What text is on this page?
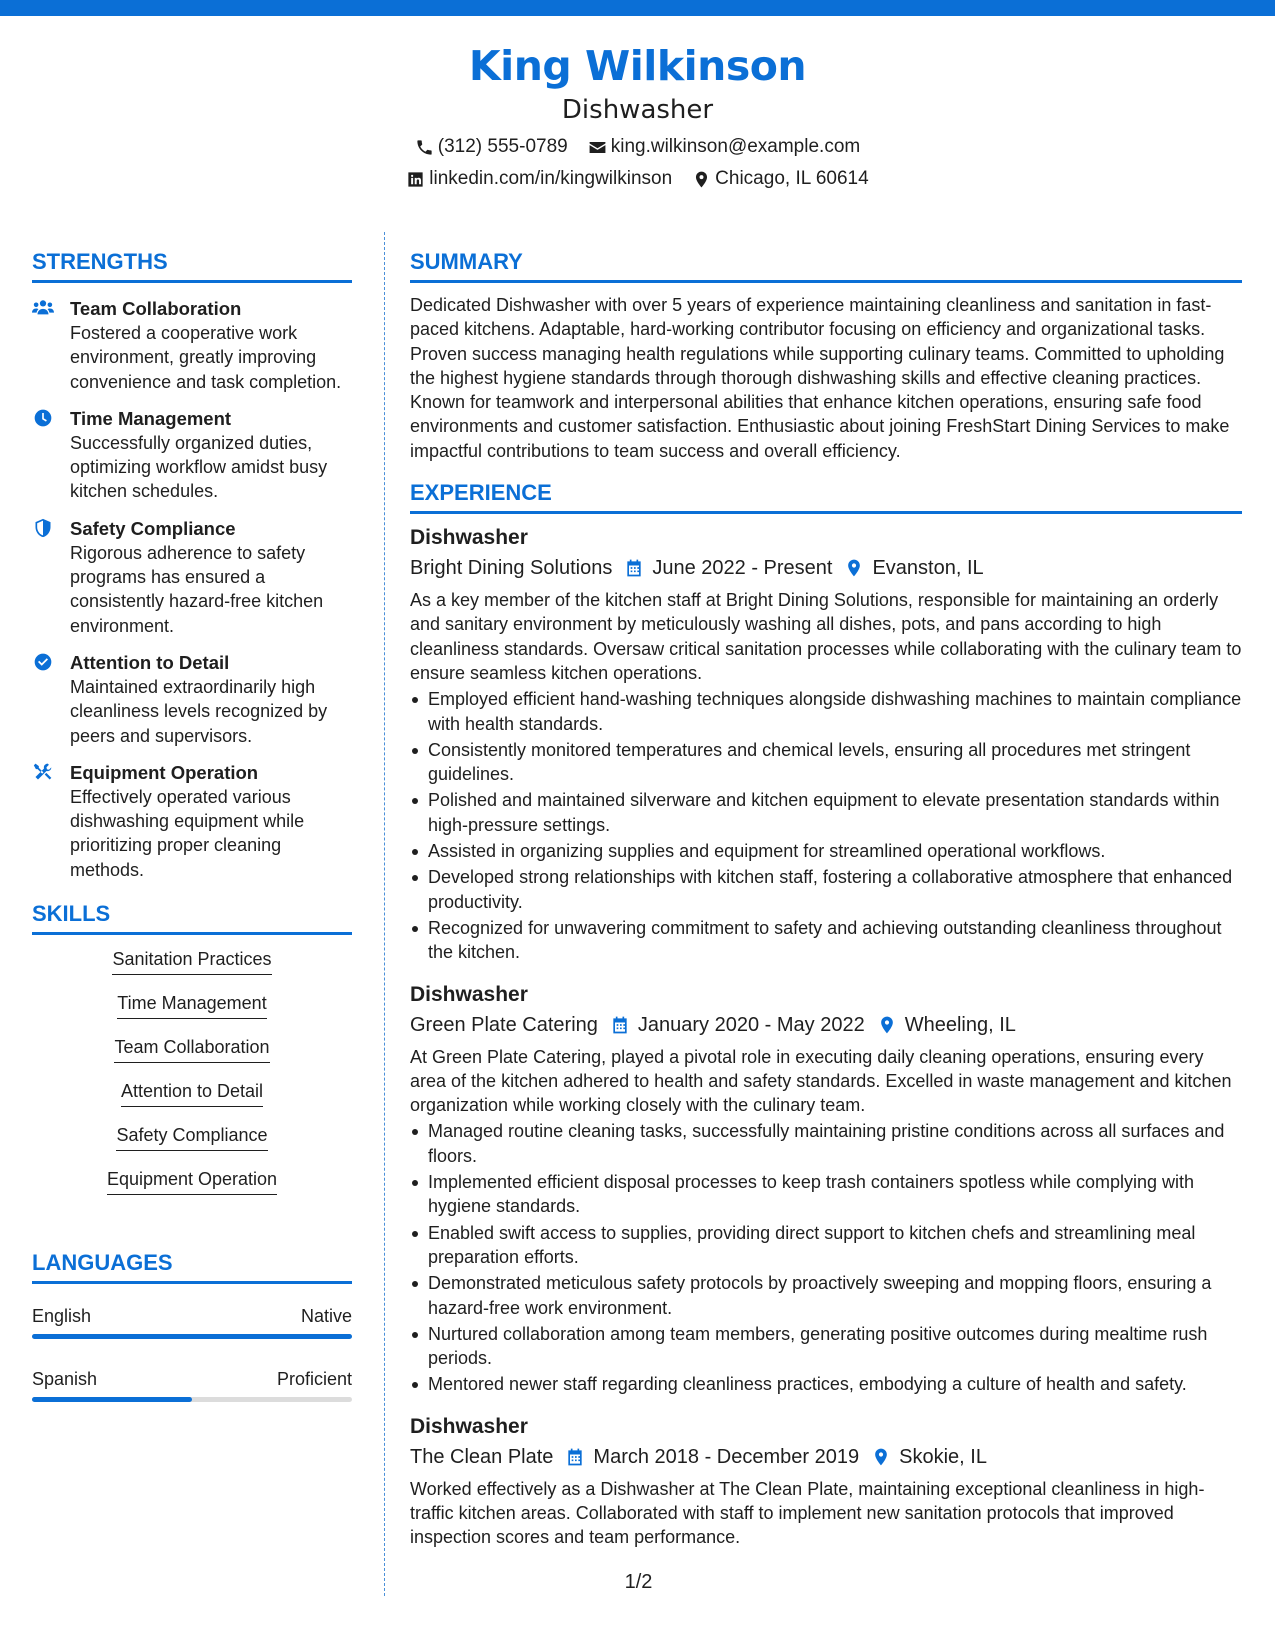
King Wilkinson
Dishwasher
(312) 555-0789 king.wilkinson@example.com
linkedin.com/in/kingwilkinson Chicago, IL 60614
STRENGTHS
Team Collaboration
Fostered a cooperative work environment, greatly improving convenience and task completion.
Time Management
Successfully organized duties, optimizing workflow amidst busy kitchen schedules.
Safety Compliance
Rigorous adherence to safety programs has ensured a consistently hazard-free kitchen environment.
Attention to Detail
Maintained extraordinarily high cleanliness levels recognized by peers and supervisors.
Equipment Operation
Effectively operated various dishwashing equipment while prioritizing proper cleaning methods.
SKILLS
Sanitation Practices
Time Management
Team Collaboration
Attention to Detail
Safety Compliance
Equipment Operation
LANGUAGES
English	Native
Spanish	Proficient
SUMMARY
Dedicated Dishwasher with over 5 years of experience maintaining cleanliness and sanitation in fast-paced kitchens. Adaptable, hard-working contributor focusing on efficiency and organizational tasks. Proven success managing health regulations while supporting culinary teams. Committed to upholding the highest hygiene standards through thorough dishwashing skills and effective cleaning practices. Known for teamwork and interpersonal abilities that enhance kitchen operations, ensuring safe food environments and customer satisfaction. Enthusiastic about joining FreshStart Dining Services to make impactful contributions to team success and overall efficiency.
EXPERIENCE
Dishwasher
Bright Dining Solutions June 2022 - Present Evanston, IL
As a key member of the kitchen staff at Bright Dining Solutions, responsible for maintaining an orderly and sanitary environment by meticulously washing all dishes, pots, and pans according to high cleanliness standards. Oversaw critical sanitation processes while collaborating with the culinary team to ensure seamless kitchen operations.
Employed efficient hand-washing techniques alongside dishwashing machines to maintain compliance with health standards.
Consistently monitored temperatures and chemical levels, ensuring all procedures met stringent guidelines.
Polished and maintained silverware and kitchen equipment to elevate presentation standards within high-pressure settings.
Assisted in organizing supplies and equipment for streamlined operational workflows.
Developed strong relationships with kitchen staff, fostering a collaborative atmosphere that enhanced productivity.
Recognized for unwavering commitment to safety and achieving outstanding cleanliness throughout the kitchen.
Dishwasher
Green Plate Catering January 2020 - May 2022 Wheeling, IL
At Green Plate Catering, played a pivotal role in executing daily cleaning operations, ensuring every area of the kitchen adhered to health and safety standards. Excelled in waste management and kitchen organization while working closely with the culinary team.
Managed routine cleaning tasks, successfully maintaining pristine conditions across all surfaces and floors.
Implemented efficient disposal processes to keep trash containers spotless while complying with hygiene standards.
Enabled swift access to supplies, providing direct support to kitchen chefs and streamlining meal preparation efforts.
Demonstrated meticulous safety protocols by proactively sweeping and mopping floors, ensuring a hazard-free work environment.
Nurtured collaboration among team members, generating positive outcomes during mealtime rush periods.
Mentored newer staff regarding cleanliness practices, embodying a culture of health and safety.
Dishwasher
The Clean Plate March 2018 - December 2019 Skokie, IL
Worked effectively as a Dishwasher at The Clean Plate, maintaining exceptional cleanliness in high-traffic kitchen areas. Collaborated with staff to implement new sanitation protocols that improved inspection scores and team performance.
1/2
